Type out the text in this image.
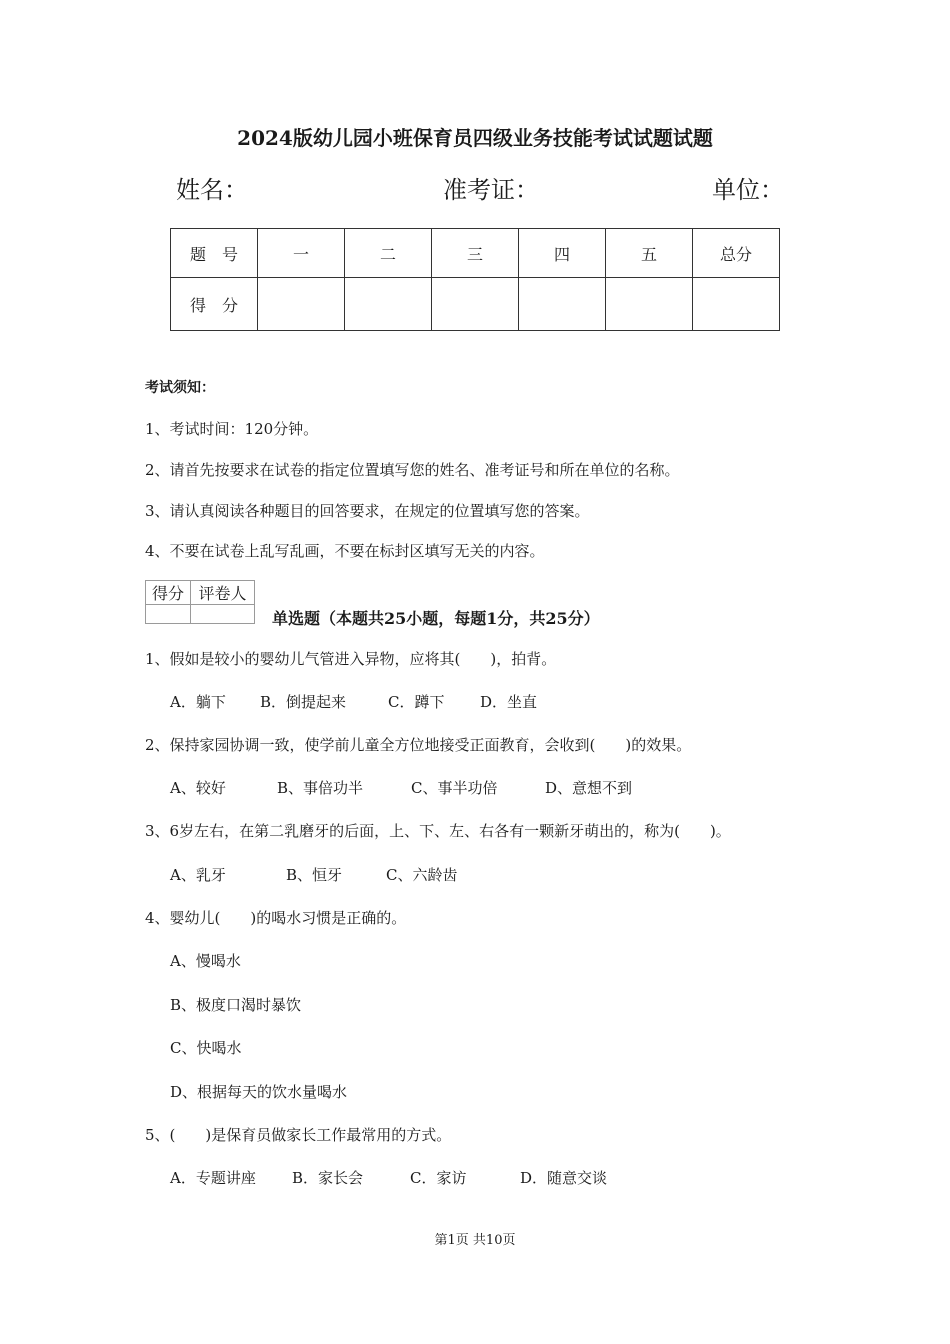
2024版幼儿园小班保育员四级业务技能考试试题试题
姓名：	准考证：	单位：
题　号	一	二	三	四	五	总分
得　分						
考试须知：
1、考试时间：120分钟。
2、请首先按要求在试卷的指定位置填写您的姓名、准考证号和所在单位的名称。
3、请认真阅读各种题目的回答要求，在规定的位置填写您的答案。
4、不要在试卷上乱写乱画，不要在标封区填写无关的内容。
得分	评卷人

单选题（本题共25小题，每题1分，共25分）
1、假如是较小的婴幼儿气管进入异物，应将其(　　)，拍背。
A．躺下 B．倒提起来	C．蹲下 D．坐直
2、保持家园协调一致，使学前儿童全方位地接受正面教育，会收到(　　)的效果。
A、较好	B、事倍功半	C、事半功倍	D、意想不到
3、6岁左右，在第二乳磨牙的后面，上、下、左、右各有一颗新牙萌出的，称为(　　)。
A、乳牙	B、恒牙	C、六龄齿
4、婴幼儿(　　)的喝水习惯是正确的。
A、慢喝水
B、极度口渴时暴饮
C、快喝水
D、根据每天的饮水量喝水
5、(　　)是保育员做家长工作最常用的方式。
A．专题讲座 B．家长会	C．家访	D．随意交谈
第1页 共10页
